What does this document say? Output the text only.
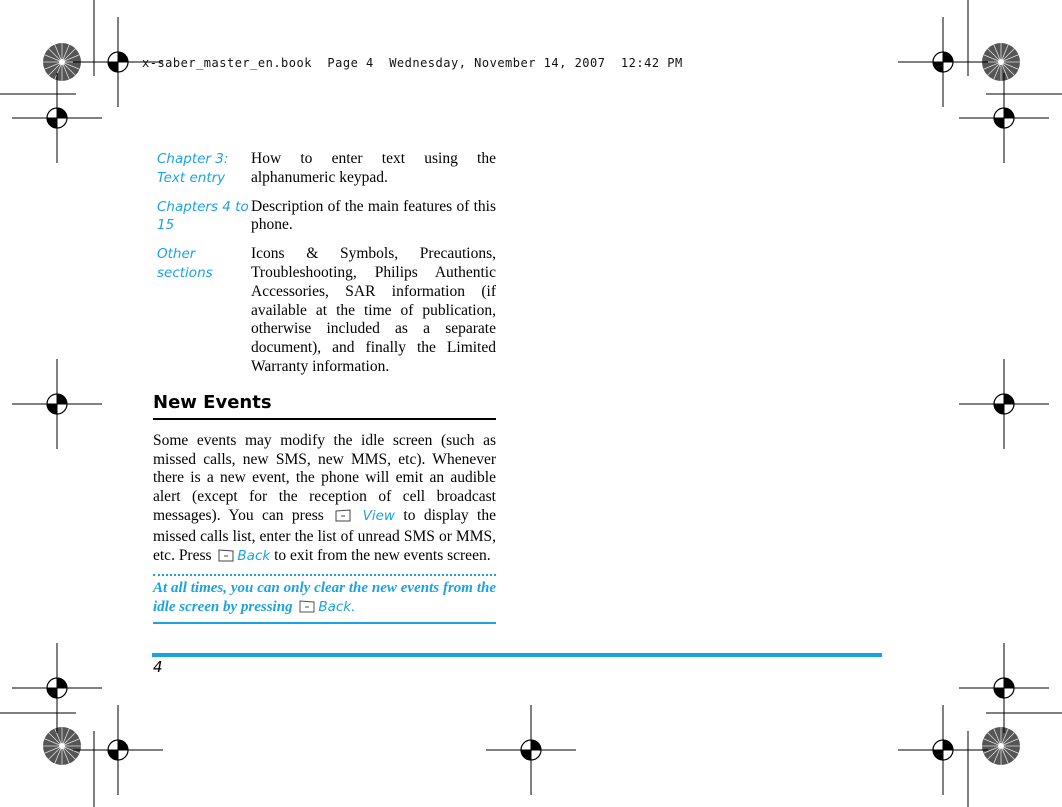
x-saber_master_en.book  Page 4  Wednesday, November 14, 2007  12:42 PM
Chapter 3: Text entry
How to enter text using the alphanumeric keypad.
Chapters 4 to 15
Description of the main features of this phone.
Other sections
Icons & Symbols, Precautions, Troubleshooting, Philips Authentic Accessories, SAR information (if available at the time of publication, otherwise included as a separate document), and finally the Limited Warranty information.
New Events
Some events may modify the idle screen (such as missed calls, new SMS, new MMS, etc). Whenever there is a new event, the phone will emit an audible alert (except for the reception of cell broadcast messages). You can press	View to display the missed calls list, enter the list of unread SMS or MMS, etc. Press Back to exit from the new events screen.
At all times, you can only clear the new events from the idle screen by pressing Back.
4
